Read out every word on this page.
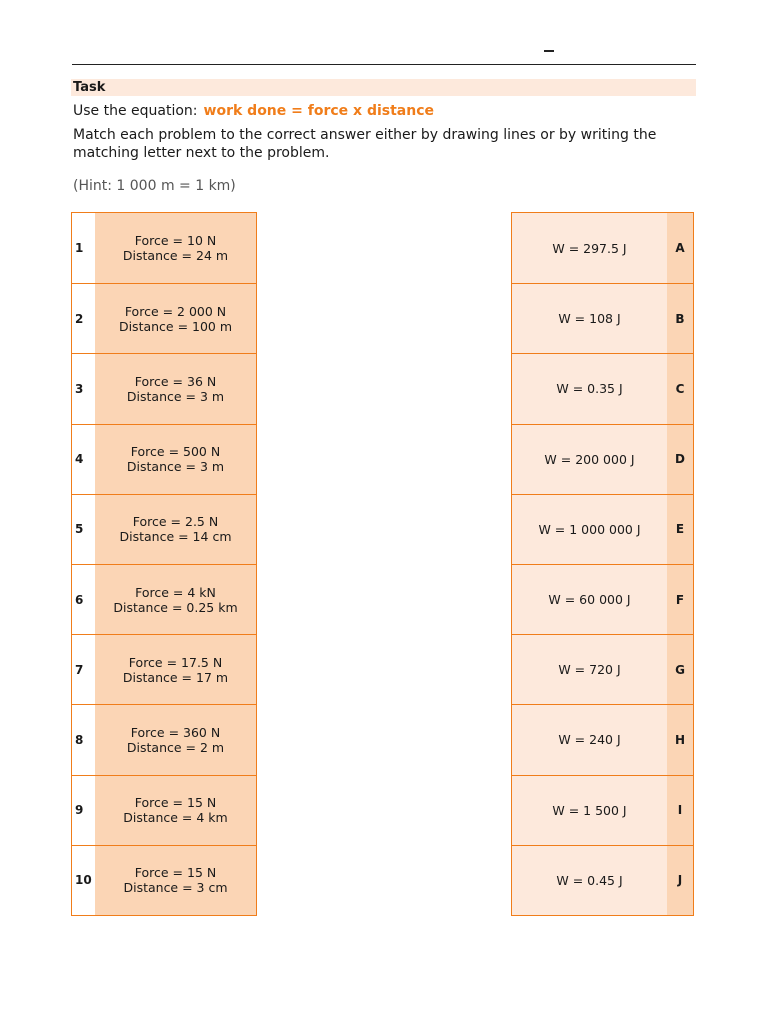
Task
Use the equation: work done = force x distance
Match each problem to the correct answer either by drawing lines or by writing the matching letter next to the problem.
(Hint: 1 000 m = 1 km)
1	Force = 10 N
Distance = 24 m
2	Force = 2 000 N
Distance = 100 m
3	Force = 36 N
Distance = 3 m
4	Force = 500 N
Distance = 3 m
5	Force = 2.5 N
Distance = 14 cm
6	Force = 4 kN
Distance = 0.25 km
7	Force = 17.5 N
Distance = 17 m
8	Force = 360 N
Distance = 2 m
9	Force = 15 N
Distance = 4 km
10	Force = 15 N
Distance = 3 cm
W = 297.5 J	A
W = 108 J	B
W = 0.35 J	C
W = 200 000 J	D
W = 1 000 000 J	E
W = 60 000 J	F
W = 720 J	G
W = 240 J	H
W = 1 500 J	I
W = 0.45 J	J
